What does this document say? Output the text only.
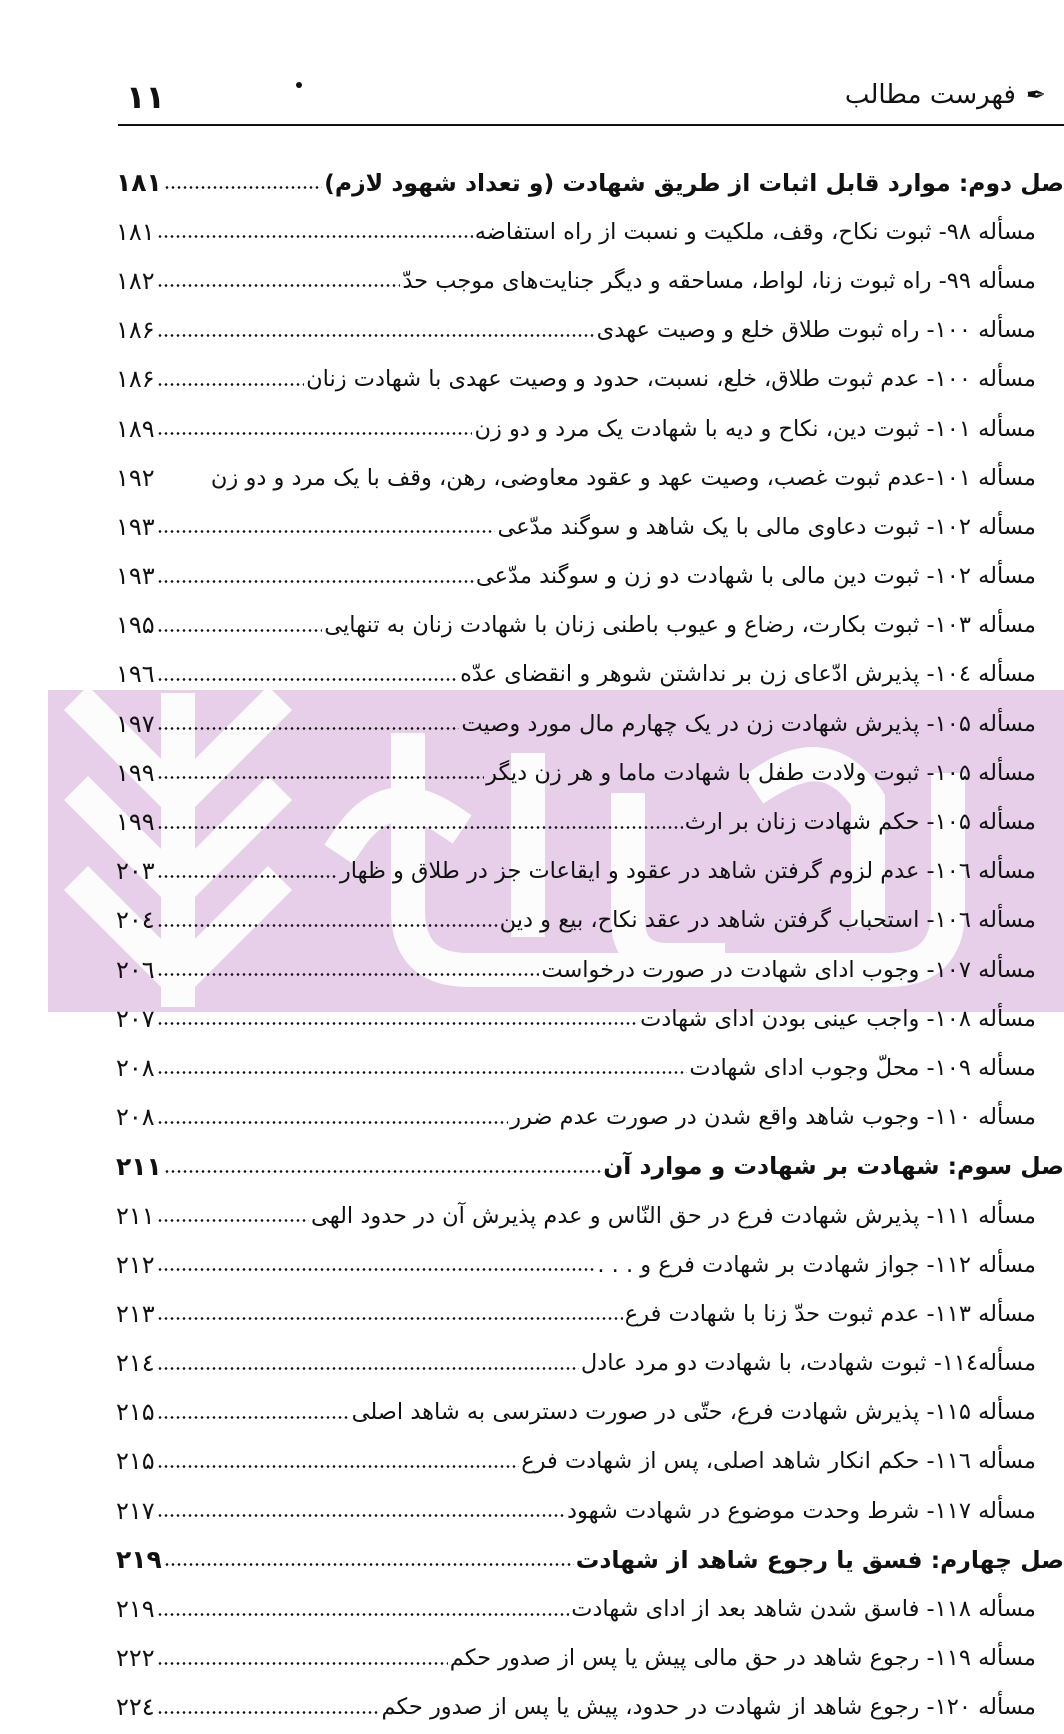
۱۱	✒فهرست مطالب
صل دوم: موارد قابل اثبات از طریق شهادت (و تعداد شهود لازم)
۱۸۱
مسأله ۹۸- ثبوت نکاح، وقف، ملکیت و نسبت از راه استفاضه
۱۸۱
مسأله ۹۹- راه ثبوت زنا، لواط، مساحقه و دیگر جنایت‌های موجب حدّ
۱۸۲
مسأله ۱۰۰- راه ثبوت طلاق خلع و وصیت عهدی
۱۸۶
مسأله ۱۰۰- عدم ثبوت طلاق، خلع، نسبت، حدود و وصیت عهدی با شهادت زنان
۱۸۶
مسأله ۱۰۱- ثبوت دین، نکاح و دیه با شهادت یک مرد و دو زن
۱۸۹
مسأله ۱۰۱-عدم ثبوت غصب، وصیت عهد و عقود معاوضی، رهن، وقف با یک مرد و دو زن
۱۹۲
مسأله ۱۰۲- ثبوت دعاوی مالی با یک شاهد و سوگند مدّعی
۱۹۳
مسأله ۱۰۲- ثبوت دین مالی با شهادت دو زن و سوگند مدّعی
۱۹۳
مسأله ۱۰۳- ثبوت بکارت، رضاع و عیوب باطنی زنان با شهادت زنان به تنهایی
۱۹۵
مسأله ۱۰٤- پذیرش ادّعای زن بر نداشتن شوهر و انقضای عدّه
۱۹٦
مسأله ۱۰۵- پذیرش شهادت زن در یک چهارم مال مورد وصیت
۱۹۷
مسأله ۱۰۵- ثبوت ولادت طفل با شهادت ماما و هر زن دیگر
۱۹۹
مسأله ۱۰۵- حکم شهادت زنان بر ارث
۱۹۹
مسأله ۱۰٦- عدم لزوم گرفتن شاهد در عقود و ایقاعات جز در طلاق و ظهار
۲۰۳
مسأله ۱۰٦- استحباب گرفتن شاهد در عقد نکاح، بیع و دین
۲۰٤
مسأله ۱۰۷- وجوب ادای شهادت در صورت درخواست
۲۰٦
مسأله ۱۰۸- واجب عینی بودن ادای شهادت
۲۰۷
مسأله ۱۰۹- محلّ وجوب ادای شهادت
۲۰۸
مسأله ۱۱۰- وجوب شاهد واقع شدن در صورت عدم ضرر
۲۰۸
صل سوم: شهادت بر شهادت و موارد آن
۲۱۱
مسأله ۱۱۱- پذیرش شهادت فرع در حق النّاس و عدم پذیرش آن در حدود الهی
۲۱۱
مسأله ۱۱۲- جواز شهادت بر شهادت فرع و . . .
۲۱۲
مسأله ۱۱۳- عدم ثبوت حدّ زنا با شهادت فرع
۲۱۳
مسأله۱۱٤- ثبوت شهادت، با شهادت دو مرد عادل
۲۱٤
مسأله ۱۱۵- پذیرش شهادت فرع، حتّی در صورت دسترسی به شاهد اصلی
۲۱۵
مسأله ۱۱٦- حکم انکار شاهد اصلی، پس از شهادت فرع
۲۱۵
مسأله ۱۱۷- شرط وحدت موضوع در شهادت شهود
۲۱۷
صل چهارم: فسق یا رجوع شاهد از شهادت
۲۱۹
مسأله ۱۱۸- فاسق شدن شاهد بعد از ادای شهادت
۲۱۹
مسأله ۱۱۹- رجوع شاهد در حق مالی پیش یا پس از صدور حکم
۲۲۲
مسأله ۱۲۰- رجوع شاهد از شهادت در حدود، پیش یا پس از صدور حکم
۲۲٤
